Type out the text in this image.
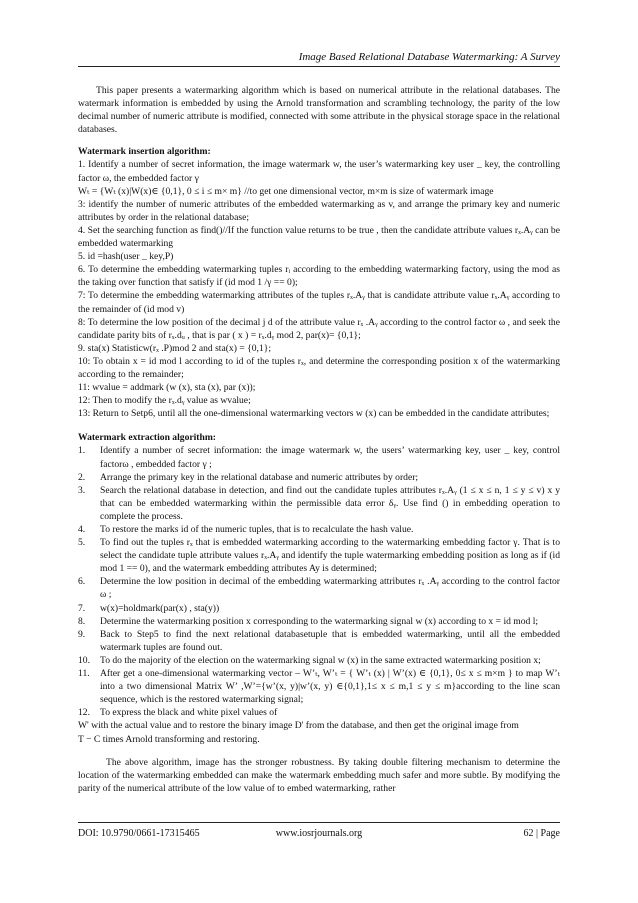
Image Based Relational Database Watermarking: A Survey

This paper presents a watermarking algorithm which is based on numerical attribute in the relational databases. The watermark information is embedded by using the Arnold transformation and scrambling technology, the parity of the low decimal number of numeric attribute is modified, connected with some attribute in the physical storage space in the relational databases.

Watermark insertion algorithm:

1. Identify a number of secret information, the image watermark w, the user’s watermarking key user _ key, the controlling factor ω, the embedded factor γ

Wₜ = {Wₜ (x)|W(x)∈ {0,1}, 0 ≤ i ≤ m× m} //to get one dimensional vector, m×m is size of watermark image

3: identify the number of numeric attributes of the embedded watermarking as v, and arrange the primary key and numeric attributes by order in the relational database;

4. Set the searching function as find()//If the function value returns to be true , then the candidate attribute values rₓ.Aᵧ can be embedded watermarking

5. id =hash(user _ key,P)

6. To determine the embedding watermarking tuples rᵢ according to the embedding watermarking factorγ, using the mod as the taking over function that satisfy if (id mod 1 /γ == 0);

7: To determine the embedding watermarking attributes of the tuples rₓ.Aᵧ that is candidate attribute value rₓ.Aᵧ according to the remainder of (id mod v)

8: To determine the low position of the decimal j d of the attribute value rₓ .Aᵧ according to the control factor ω , and seek the candidate parity bits of rₓ.dᵤ , that is par ( x ) = rₓ.dᵧ mod 2, par(x)= {0,1};

9. sta(x) Statisticw(rₓ .P)mod 2 and sta(x) = {0,1};

10: To obtain x = id mod l according to id of the tuples rₓ, and determine the corresponding position x of the watermarking according to the remainder;

11: wvalue = addmark (w (x), sta (x), par (x));

12: Then to modify the rₓ.dᵧ value as wvalue;

13: Return to Setp6, until all the one-dimensional watermarking vectors w (x) can be embedded in the candidate attributes;

Watermark extraction algorithm:

1. Identify a number of secret information: the image watermark w, the users’ watermarking key, user _ key, control factorω , embedded factor γ ;
2. Arrange the primary key in the relational database and numeric attributes by order;
3. Search the relational database in detection, and find out the candidate tuples attributes rₓ.Aᵧ (1 ≤ x ≤ n, 1 ≤ y ≤ v) x y that can be embedded watermarking within the permissible data error δᵧ. Use find () in embedding operation to complete the process.
4. To restore the marks id of the numeric tuples, that is to recalculate the hash value.
5. To find out the tuples rₓ that is embedded watermarking according to the watermarking embedding factor γ. That is to select the candidate tuple attribute values rₓ.Aᵧ and identify the tuple watermarking embedding position as long as if (id mod 1 == 0), and the watermark embedding attributes Ay is determined;
6. Determine the low position in decimal of the embedding watermarking attributes rₓ .Aᵧ according to the control factor ω ;
7. w(x)=holdmark(par(x) , sta(y))
8. Determine the watermarking position x corresponding to the watermarking signal w (x) according to x = id mod l;
9. Back to Step5 to find the next relational databasetuple that is embedded watermarking, until all the embedded watermark tuples are found out.
10. To do the majority of the election on the watermarking signal w (x) in the same extracted watermarking position x;
11. After get a one-dimensional watermarking vector – W’ₜ, W’ₜ = { W’ₜ (x) | W’(x) ∈ {0,1}, 0≤ x ≤ m×m } to map W’ₜ into a two dimensional Matrix W’ ,W’={w’(x, y)|w’(x, y) ∈{0,1},1≤ x ≤ m,1 ≤ y ≤ m}according to the line scan sequence, which is the restored watermarking signal;
12. To express the black and white pixel values of

W' with the actual value and to restore the binary image D' from the database, and then get the original image from

T − C times Arnold transforming and restoring.

The above algorithm, image has the stronger robustness. By taking double filtering mechanism to determine the location of the watermarking embedded can make the watermark embedding much safer and more subtle. By modifying the parity of the numerical attribute of the low value of to embed watermarking, rather

DOI: 10.9790/0661-17315465	www.iosrjournals.org	62 | Page
